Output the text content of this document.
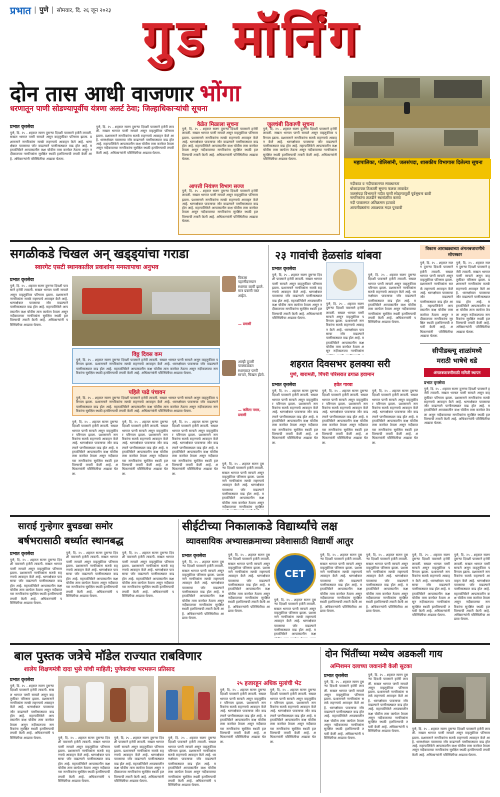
प्रभात | पुणे | सोमवार, दि. २६ जून २०२३ गुड मॉर्निंग
दोन तास आधी वाजणार भोंगा
धरणातून पाणी सोडण्यापूर्वीच यंत्रणा अलर्ट ठेवा; जिल्हाधिकाऱ्यांची सूचना
प्रभात वृत्तसेवा
पुणे, दि. २५ - शहरात सलग दुसऱ्या दिवशी पावसाने हजेरी लावली. सखल भागात पाणी साचले असून वाहतुकीवर परिणाम झाला. प्रशासनाने नागरिकांना सतर्क राहण्याचे आवाहन केले आहे. धरणक्षेत्रात पावसाचा जोर वाढल्याने पाणीसाठ्यात वाढ होत आहे. महापालिकेने आपत्कालीन कक्ष चोवीस तास कार्यरत ठेवला असून नदीकाठच्या नागरिकांना सुरक्षित स्थळी हलविण्याची तयारी केली आहे. अधिकाऱ्यांनी परिस्थितीचा आढावा घेतला.
पुणे, दि. २५ - शहरात सलग दुसऱ्या दिवशी पावसाने हजेरी लावली. सखल भागात पाणी साचले असून वाहतुकीवर परिणाम झाला. प्रशासनाने नागरिकांना सतर्क राहण्याचे आवाहन केले आहे. धरणक्षेत्रात पावसाचा जोर वाढल्याने पाणीसाठ्यात वाढ होत आहे. महापालिकेने आपत्कालीन कक्ष चोवीस तास कार्यरत ठेवला असून नदीकाठच्या नागरिकांना सुरक्षित स्थळी हलविण्याची तयारी केली आहे. अधिकाऱ्यांनी परिस्थितीचा आढावा घेतला.
वेळेत मिळाला सूचना
पुणे, दि. २५ - शहरात सलग दुसऱ्या दिवशी पावसाने हजेरी लावली. सखल भागात पाणी साचले असून वाहतुकीवर परिणाम झाला. प्रशासनाने नागरिकांना सतर्क राहण्याचे आवाहन केले आहे. धरणक्षेत्रात पावसाचा जोर वाढल्याने पाणीसाठ्यात वाढ होत आहे. महापालिकेने आपत्कालीन कक्ष चोवीस तास कार्यरत ठेवला असून नदीकाठच्या नागरिकांना सुरक्षित स्थळी हलविण्याची तयारी केली आहे. अधिकाऱ्यांनी परिस्थितीचा आढावा घेतला.
आपत्ती नियंत्रण विभाग सज्ज
पुणे, दि. २५ - शहरात सलग दुसऱ्या दिवशी पावसाने हजेरी लावली. सखल भागात पाणी साचले असून वाहतुकीवर परिणाम झाला. प्रशासनाने नागरिकांना सतर्क राहण्याचे आवाहन केले आहे. धरणक्षेत्रात पावसाचा जोर वाढल्याने पाणीसाठ्यात वाढ होत आहे. महापालिकेने आपत्कालीन कक्ष चोवीस तास कार्यरत ठेवला असून नदीकाठच्या नागरिकांना सुरक्षित स्थळी हलविण्याची तयारी केली आहे. अधिकाऱ्यांनी परिस्थितीचा आढावा घेतला.
जुलचंबी ठिकाणी सूचना
पुणे, दि. २५ - शहरात सलग दुसऱ्या दिवशी पावसाने हजेरी लावली. सखल भागात पाणी साचले असून वाहतुकीवर परिणाम झाला. प्रशासनाने नागरिकांना सतर्क राहण्याचे आवाहन केले आहे. धरणक्षेत्रात पावसाचा जोर वाढल्याने पाणीसाठ्यात वाढ होत आहे. महापालिकेने आपत्कालीन कक्ष चोवीस तास कार्यरत ठेवला असून नदीकाठच्या नागरिकांना सुरक्षित स्थळी हलविण्याची तयारी केली आहे. अधिकाऱ्यांनी परिस्थितीचा आढावा घेतला.
महापालिका, पोलिसांनी, जलसंपदा, शासकीय विभागास दिलेल्या सूचना
नदीकाठ व नदीपात्रालगत सावधानता
धोकादायक ठिकाणी सूचना फलक लावावेत
जलसंपदा विभागाने नदीत पाणी सोडण्यापूर्वी पूर्वसूचना द्यावी
नागरिकांना तातडीने स्थलांतरित करावे
नदी पात्रालगत अतिक्रमण हटवावे
आपत्तीग्रस्तांना आवश्यक मदत पुरवावी
सगळीकडे चिखल अन् खड्ड्यांचा गराडा
स्वारगेट एसटी स्थानकातील प्रवाशांना मनस्तापाचा अनुभव
प्रभात वृत्तसेवा
पुणे, दि. २५ - शहरात सलग दुसऱ्या दिवशी पावसाने हजेरी लावली. सखल भागात पाणी साचले असून वाहतुकीवर परिणाम झाला. प्रशासनाने नागरिकांना सतर्क राहण्याचे आवाहन केले आहे. धरणक्षेत्रात पावसाचा जोर वाढल्याने पाणीसाठ्यात वाढ होत आहे. महापालिकेने आपत्कालीन कक्ष चोवीस तास कार्यरत ठेवला असून नदीकाठच्या नागरिकांना सुरक्षित स्थळी हलविण्याची तयारी केली आहे. अधिकाऱ्यांनी परिस्थितीचा आढावा घेतला.
विकास पहाणीदरम्यान स्थानक कामी झाले. मात्र प्रवासी त्रस्त आहेत.
— प्रवासी
विठ्ठ दिवस कम
पुणे, दि. २५ - शहरात सलग दुसऱ्या दिवशी पावसाने हजेरी लावली. सखल भागात पाणी साचले असून वाहतुकीवर परिणाम झाला. प्रशासनाने नागरिकांना सतर्क राहण्याचे आवाहन केले आहे. धरणक्षेत्रात पावसाचा जोर वाढल्याने पाणीसाठ्यात वाढ होत आहे. महापालिकेने आपत्कालीन कक्ष चोवीस तास कार्यरत ठेवला असून नदीकाठच्या नागरिकांना सुरक्षित स्थळी हलविण्याची तयारी केली आहे. अधिकाऱ्यांनी परिस्थितीचा आढावा घेतला.
पहिले पाढे पंचावन
पुणे, दि. २५ - शहरात सलग दुसऱ्या दिवशी पावसाने हजेरी लावली. सखल भागात पाणी साचले असून वाहतुकीवर परिणाम झाला. प्रशासनाने नागरिकांना सतर्क राहण्याचे आवाहन केले आहे. धरणक्षेत्रात पावसाचा जोर वाढल्याने पाणीसाठ्यात वाढ होत आहे. महापालिकेने आपत्कालीन कक्ष चोवीस तास कार्यरत ठेवला असून नदीकाठच्या नागरिकांना सुरक्षित स्थळी हलविण्याची तयारी केली आहे. अधिकाऱ्यांनी परिस्थितीचा आढावा घेतला.
पुणे, दि. २५ - शहरात सलग दुसऱ्या दिवशी पावसाने हजेरी लावली. सखल भागात पाणी साचले असून वाहतुकीवर परिणाम झाला. प्रशासनाने नागरिकांना सतर्क राहण्याचे आवाहन केले आहे. धरणक्षेत्रात पावसाचा जोर वाढल्याने पाणीसाठ्यात वाढ होत आहे. महापालिकेने आपत्कालीन कक्ष चोवीस तास कार्यरत ठेवला असून नदीकाठच्या नागरिकांना सुरक्षित स्थळी हलविण्याची तयारी केली आहे. अधिकाऱ्यांनी परिस्थितीचा आढावा घेतला.
पुणे, दि. २५ - शहरात सलग दुसऱ्या दिवशी पावसाने हजेरी लावली. सखल भागात पाणी साचले असून वाहतुकीवर परिणाम झाला. प्रशासनाने नागरिकांना सतर्क राहण्याचे आवाहन केले आहे. धरणक्षेत्रात पावसाचा जोर वाढल्याने पाणीसाठ्यात वाढ होत आहे. महापालिकेने आपत्कालीन कक्ष चोवीस तास कार्यरत ठेवला असून नदीकाठच्या नागरिकांना सुरक्षित स्थळी हलविण्याची तयारी केली आहे. अधिकाऱ्यांनी परिस्थितीचा आढावा घेतला.
पुणे, दि. २५ - शहरात सलग दुसऱ्या दिवशी पावसाने हजेरी लावली. सखल भागात पाणी साचले असून वाहतुकीवर परिणाम झाला. प्रशासनाने नागरिकांना सतर्क राहण्याचे आवाहन केले आहे. धरणक्षेत्रात पावसाचा जोर वाढल्याने पाणीसाठ्यात वाढ होत आहे. महापालिकेने आपत्कालीन कक्ष चोवीस तास कार्यरत ठेवला असून नदीकाठच्या नागरिकांना सुरक्षित स्थळी हलविण्याची तयारी केली आहे. अधिकाऱ्यांनी परिस्थितीचा आढावा घेतला.
आम्ही दुपारी पावसाळ्यात स्थानकात पाणी साचते, चिखल होतो.
— कविता पवार, प्रवासी
पुणे, दि. २५ - शहरात सलग दुसऱ्या दिवशी पावसाने हजेरी लावली. सखल भागात पाणी साचले असून वाहतुकीवर परिणाम झाला. प्रशासनाने नागरिकांना सतर्क राहण्याचे आवाहन केले आहे. धरणक्षेत्रात पावसाचा जोर वाढल्याने पाणीसाठ्यात वाढ होत आहे. महापालिकेने आपत्कालीन कक्ष चोवीस तास कार्यरत ठेवला असून नदीकाठच्या नागरिकांना सुरक्षित
२३ गावांची हेळसांड थांबवा
प्रभात वृत्तसेवा
पुणे, दि. २५ - शहरात सलग दुसऱ्या दिवशी पावसाने हजेरी लावली. सखल भागात पाणी साचले असून वाहतुकीवर परिणाम झाला. प्रशासनाने नागरिकांना सतर्क राहण्याचे आवाहन केले आहे. धरणक्षेत्रात पावसाचा जोर वाढल्याने पाणीसाठ्यात वाढ होत आहे. महापालिकेने आपत्कालीन कक्ष चोवीस तास कार्यरत ठेवला असून नदीकाठच्या नागरिकांना सुरक्षित स्थळी हलविण्याची तयारी केली आहे. अधिकाऱ्यांनी परिस्थितीचा आढावा घेतला.
पुणे, दि. २५ - शहरात सलग दुसऱ्या दिवशी पावसाने हजेरी लावली. सखल भागात पाणी साचले असून वाहतुकीवर परिणाम झाला. प्रशासनाने नागरिकांना सतर्क राहण्याचे आवाहन केले आहे. धरणक्षेत्रात पावसाचा जोर वाढल्याने पाणीसाठ्यात वाढ होत आहे. महापालिकेने आपत्कालीन कक्ष चोवीस तास कार्यरत ठेवला असून नदीकाठच्या नागरिकांना
पुणे, दि. २५ - शहरात सलग दुसऱ्या दिवशी पावसाने हजेरी लावली. सखल भागात पाणी साचले असून वाहतुकीवर परिणाम झाला. प्रशासनाने नागरिकांना सतर्क राहण्याचे आवाहन केले आहे. धरणक्षेत्रात पावसाचा जोर वाढल्याने पाणीसाठ्यात वाढ होत आहे. महापालिकेने आपत्कालीन कक्ष चोवीस तास कार्यरत ठेवला असून नदीकाठच्या नागरिकांना सुरक्षित स्थळी हलविण्याची तयारी केली आहे. अधिकाऱ्यांनी परिस्थितीचा आढावा घेतला.
शहरात दिवसभर हलक्या सरी
पुणे, बारामती, पिंपरी परिसरात ढगाळ हवामान
प्रभात वृत्तसेवा
पुणे, दि. २५ - शहरात सलग दुसऱ्या दिवशी पावसाने हजेरी लावली. सखल भागात पाणी साचले असून वाहतुकीवर परिणाम झाला. प्रशासनाने नागरिकांना सतर्क राहण्याचे आवाहन केले आहे. धरणक्षेत्रात पावसाचा जोर वाढल्याने पाणीसाठ्यात वाढ होत आहे. महापालिकेने आपत्कालीन कक्ष चोवीस तास कार्यरत ठेवला असून नदीकाठच्या नागरिकांना सुरक्षित स्थळी हलविण्याची तयारी केली आहे. अधिकाऱ्यांनी परिस्थितीचा आढावा घेतला.
हवेत गारवा
पुणे, दि. २५ - शहरात सलग दुसऱ्या दिवशी पावसाने हजेरी लावली. सखल भागात पाणी साचले असून वाहतुकीवर परिणाम झाला. प्रशासनाने नागरिकांना सतर्क राहण्याचे आवाहन केले आहे. धरणक्षेत्रात पावसाचा जोर वाढल्याने पाणीसाठ्यात वाढ होत आहे. महापालिकेने आपत्कालीन कक्ष चोवीस तास कार्यरत ठेवला असून नदीकाठच्या नागरिकांना सुरक्षित स्थळी हलविण्याची तयारी केली आहे. अधिकाऱ्यांनी परिस्थितीचा आढावा घेतला.
पुणे, दि. २५ - शहरात सलग दुसऱ्या दिवशी पावसाने हजेरी लावली. सखल भागात पाणी साचले असून वाहतुकीवर परिणाम झाला. प्रशासनाने नागरिकांना सतर्क राहण्याचे आवाहन केले आहे. धरणक्षेत्रात पावसाचा जोर वाढल्याने पाणीसाठ्यात वाढ होत आहे. महापालिकेने आपत्कालीन कक्ष चोवीस तास कार्यरत ठेवला असून नदीकाठच्या नागरिकांना सुरक्षित स्थळी हलविण्याची तयारी केली आहे. अधिकाऱ्यांनी परिस्थितीचा आढावा घेतला.
विकास आराखड्याच्या अंमलबजावणीचे सोपस्कार
पुणे, दि. २५ - शहरात सलग दुसऱ्या दिवशी पावसाने हजेरी लावली. सखल भागात पाणी साचले असून वाहतुकीवर परिणाम झाला. प्रशासनाने नागरिकांना सतर्क राहण्याचे आवाहन केले आहे. धरणक्षेत्रात पावसाचा जोर वाढल्याने पाणीसाठ्यात वाढ होत आहे. महापालिकेने आपत्कालीन कक्ष चोवीस तास कार्यरत ठेवला असून नदीकाठच्या नागरिकांना सुरक्षित स्थळी हलविण्याची तयारी केली आहे. अधिकाऱ्यांनी परिस्थितीचा आढावा घेतला.
पुणे, दि. २५ - शहरात सलग दुसऱ्या दिवशी पावसाने हजेरी लावली. सखल भागात पाणी साचले असून वाहतुकीवर परिणाम झाला. प्रशासनाने नागरिकांना सतर्क राहण्याचे आवाहन केले आहे. धरणक्षेत्रात पावसाचा जोर वाढल्याने पाणीसाठ्यात वाढ होत आहे. महापालिकेने आपत्कालीन कक्ष चोवीस तास कार्यरत ठेवला असून नदीकाठच्या नागरिकांना सुरक्षित स्थळी हलविण्याची तयारी केली आहे. अधिकाऱ्यांनी परिस्थितीचा आढावा घेतला.
सीपीडब्ल्यू शाळांमध्ये
मराठी भाषेचे धडे
अंमलबजावणीसाठी समिती स्थापन
प्रभात वृत्तसेवा
पुणे, दि. २५ - शहरात सलग दुसऱ्या दिवशी पावसाने हजेरी लावली. सखल भागात पाणी साचले असून वाहतुकीवर परिणाम झाला. प्रशासनाने नागरिकांना सतर्क राहण्याचे आवाहन केले आहे. धरणक्षेत्रात पावसाचा जोर वाढल्याने पाणीसाठ्यात वाढ होत आहे. महापालिकेने आपत्कालीन कक्ष चोवीस तास कार्यरत ठेवला असून नदीकाठच्या नागरिकांना सुरक्षित स्थळी हलविण्याची तयारी केली आहे. अधिकाऱ्यांनी परिस्थितीचा आढावा घेतला.
साराई गुन्हेगार बुचडखा समोर
बर्षभरासाठी बर्ध्यात स्थानबद्ध
प्रभात वृत्तसेवा
पुणे, दि. २५ - शहरात सलग दुसऱ्या दिवशी पावसाने हजेरी लावली. सखल भागात पाणी साचले असून वाहतुकीवर परिणाम झाला. प्रशासनाने नागरिकांना सतर्क राहण्याचे आवाहन केले आहे. धरणक्षेत्रात पावसाचा जोर वाढल्याने पाणीसाठ्यात वाढ होत आहे. महापालिकेने आपत्कालीन कक्ष चोवीस तास कार्यरत ठेवला असून नदीकाठच्या नागरिकांना सुरक्षित स्थळी हलविण्याची तयारी केली आहे. अधिकाऱ्यांनी परिस्थितीचा आढावा घेतला.
पुणे, दि. २५ - शहरात सलग दुसऱ्या दिवशी पावसाने हजेरी लावली. सखल भागात पाणी साचले असून वाहतुकीवर परिणाम झाला. प्रशासनाने नागरिकांना सतर्क राहण्याचे आवाहन केले आहे. धरणक्षेत्रात पावसाचा जोर वाढल्याने पाणीसाठ्यात वाढ होत आहे. महापालिकेने आपत्कालीन कक्ष चोवीस तास कार्यरत ठेवला असून नदीकाठच्या नागरिकांना सुरक्षित स्थळी हलविण्याची तयारी केली आहे. अधिकाऱ्यांनी परिस्थितीचा आढावा घेतला.
पुणे, दि. २५ - शहरात सलग दुसऱ्या दिवशी पावसाने हजेरी लावली. सखल भागात पाणी साचले असून वाहतुकीवर परिणाम झाला. प्रशासनाने नागरिकांना सतर्क राहण्याचे आवाहन केले आहे. धरणक्षेत्रात पावसाचा जोर वाढल्याने पाणीसाठ्यात वाढ होत आहे. महापालिकेने आपत्कालीन कक्ष चोवीस तास कार्यरत ठेवला असून नदीकाठच्या नागरिकांना सुरक्षित स्थळी हलविण्याची तयारी केली आहे. अधिकाऱ्यांनी परिस्थितीचा आढावा घेतला.
सीईटीच्या निकालाकडे विद्यार्थ्यांचे लक्ष
व्यावसायिक अभ्यासक्रमाच्या प्रवेशासाठी विद्यार्थी आतुर
प्रभात वृत्तसेवा
पुणे, दि. २५ - शहरात सलग दुसऱ्या दिवशी पावसाने हजेरी लावली. सखल भागात पाणी साचले असून वाहतुकीवर परिणाम झाला. प्रशासनाने नागरिकांना सतर्क राहण्याचे आवाहन केले आहे. धरणक्षेत्रात पावसाचा जोर वाढल्याने पाणीसाठ्यात वाढ होत आहे. महापालिकेने आपत्कालीन कक्ष चोवीस तास कार्यरत ठेवला असून नदीकाठच्या नागरिकांना सुरक्षित स्थळी हलविण्याची तयारी केली आहे. अधिकाऱ्यांनी परिस्थितीचा आढावा घेतला.
पुणे, दि. २५ - शहरात सलग दुसऱ्या दिवशी पावसाने हजेरी लावली. सखल भागात पाणी साचले असून वाहतुकीवर परिणाम झाला. प्रशासनाने नागरिकांना सतर्क राहण्याचे आवाहन केले आहे. धरणक्षेत्रात पावसाचा जोर वाढल्याने पाणीसाठ्यात वाढ होत आहे. महापालिकेने आपत्कालीन कक्ष चोवीस तास कार्यरत ठेवला असून नदीकाठच्या नागरिकांना सुरक्षित स्थळी हलविण्याची तयारी केली आहे. अधिकाऱ्यांनी परिस्थितीचा आढावा घेतला.
CET
पुणे, दि. २५ - शहरात सलग दुसऱ्या दिवशी पावसाने हजेरी लावली. सखल भागात पाणी साचले असून वाहतुकीवर परिणाम झाला. प्रशासनाने नागरिकांना सतर्क राहण्याचे आवाहन केले आहे. धरणक्षेत्रात पावसाचा जोर वाढल्याने पाणीसाठ्यात वाढ होत आहे. महापालिकेने आपत्कालीन कक्ष
पुणे, दि. २५ - शहरात सलग दुसऱ्या दिवशी पावसाने हजेरी लावली. सखल भागात पाणी साचले असून वाहतुकीवर परिणाम झाला. प्रशासनाने नागरिकांना सतर्क राहण्याचे आवाहन केले आहे. धरणक्षेत्रात पावसाचा जोर वाढल्याने पाणीसाठ्यात वाढ होत आहे. महापालिकेने आपत्कालीन कक्ष चोवीस तास कार्यरत ठेवला असून नदीकाठच्या नागरिकांना सुरक्षित स्थळी हलविण्याची तयारी केली आहे. अधिकाऱ्यांनी परिस्थितीचा आढावा घेतला.
पुणे, दि. २५ - शहरात सलग दुसऱ्या दिवशी पावसाने हजेरी लावली. सखल भागात पाणी साचले असून वाहतुकीवर परिणाम झाला. प्रशासनाने नागरिकांना सतर्क राहण्याचे आवाहन केले आहे. धरणक्षेत्रात पावसाचा जोर वाढल्याने पाणीसाठ्यात वाढ होत आहे. महापालिकेने आपत्कालीन कक्ष चोवीस तास कार्यरत ठेवला असून नदीकाठच्या नागरिकांना सुरक्षित स्थळी हलविण्याची तयारी केली आहे. अधिकाऱ्यांनी परिस्थितीचा आढावा घेतला.
पुणे, दि. २५ - शहरात सलग दुसऱ्या दिवशी पावसाने हजेरी लावली. सखल भागात पाणी साचले असून वाहतुकीवर परिणाम झाला. प्रशासनाने नागरिकांना सतर्क राहण्याचे आवाहन केले आहे. धरणक्षेत्रात पावसाचा जोर वाढल्याने पाणीसाठ्यात वाढ होत आहे. महापालिकेने आपत्कालीन कक्ष चोवीस तास कार्यरत ठेवला असून नदीकाठच्या नागरिकांना सुरक्षित स्थळी हलविण्याची तयारी केली आहे. अधिकाऱ्यांनी परिस्थितीचा आढावा घेतला.
पुणे, दि. २५ - शहरात सलग दुसऱ्या दिवशी पावसाने हजेरी लावली. सखल भागात पाणी साचले असून वाहतुकीवर परिणाम झाला. प्रशासनाने नागरिकांना सतर्क राहण्याचे आवाहन केले आहे. धरणक्षेत्रात पावसाचा जोर वाढल्याने पाणीसाठ्यात वाढ होत आहे. महापालिकेने आपत्कालीन कक्ष चोवीस तास कार्यरत ठेवला असून नदीकाठच्या नागरिकांना सुरक्षित स्थळी हलविण्याची तयारी केली आहे. अधिकाऱ्यांनी परिस्थितीचा आढावा घेतला.
बाल पुस्तक जत्रेचे मॉडेल राज्यात राबविणार
शालेय शिक्षणमंत्री दादा भुसे यांची माहिती; पुणेकरांचा भरभरून प्रतिसाद
प्रभात वृत्तसेवा
पुणे, दि. २५ - शहरात सलग दुसऱ्या दिवशी पावसाने हजेरी लावली. सखल भागात पाणी साचले असून वाहतुकीवर परिणाम झाला. प्रशासनाने नागरिकांना सतर्क राहण्याचे आवाहन केले आहे. धरणक्षेत्रात पावसाचा जोर वाढल्याने पाणीसाठ्यात वाढ होत आहे. महापालिकेने आपत्कालीन कक्ष चोवीस तास कार्यरत ठेवला असून नदीकाठच्या नागरिकांना सुरक्षित स्थळी हलविण्याची तयारी केली आहे. अधिकाऱ्यांनी परिस्थितीचा आढावा घेतला.	पुणे, दि. २५ - शहरात सलग दुसऱ्या दिवशी पावसाने हजेरी लावली. सखल भागात पाणी साचले असून वाहतुकीवर परिणाम झाला. प्रशासनाने नागरिकांना सतर्क राहण्याचे आवाहन केले आहे. धरणक्षेत्रात पावसाचा जोर वाढल्याने पाणीसाठ्यात वाढ होत आहे. महापालिकेने आपत्कालीन कक्ष चोवीस तास कार्यरत ठेवला असून नदीकाठच्या नागरिकांना सुरक्षित स्थळी हलविण्याची तयारी केली आहे. अधिकाऱ्यांनी परिस्थितीचा आढावा घेतला.
पुणे, दि. २५ - शहरात सलग दुसऱ्या दिवशी पावसाने हजेरी लावली. सखल भागात पाणी साचले असून वाहतुकीवर परिणाम झाला. प्रशासनाने नागरिकांना सतर्क राहण्याचे आवाहन केले आहे. धरणक्षेत्रात पावसाचा जोर वाढल्याने पाणीसाठ्यात वाढ होत आहे. महापालिकेने आपत्कालीन कक्ष चोवीस तास कार्यरत ठेवला असून नदीकाठच्या नागरिकांना सुरक्षित स्थळी हलविण्याची तयारी केली आहे. अधिकाऱ्यांनी परिस्थितीचा आढावा घेतला.
पुणे, दि. २५ - शहरात सलग दुसऱ्या दिवशी पावसाने हजेरी लावली. सखल भागात पाणी साचले असून वाहतुकीवर परिणाम झाला. प्रशासनाने नागरिकांना सतर्क राहण्याचे आवाहन केले आहे. धरणक्षेत्रात पावसाचा जोर वाढल्याने पाणीसाठ्यात वाढ होत आहे. महापालिकेने आपत्कालीन कक्ष चोवीस तास कार्यरत ठेवला असून नदीकाठच्या नागरिकांना सुरक्षित स्थळी हलविण्याची तयारी केली आहे. अधिकाऱ्यांनी परिस्थितीचा आढावा घेतला.
२५ हजारहून अधिक मुलांची भेट
पुणे, दि. २५ - शहरात सलग दुसऱ्या दिवशी पावसाने हजेरी लावली. सखल भागात पाणी साचले असून वाहतुकीवर परिणाम झाला. प्रशासनाने नागरिकांना सतर्क राहण्याचे आवाहन केले आहे. धरणक्षेत्रात पावसाचा जोर वाढल्याने पाणीसाठ्यात वाढ होत आहे. महापालिकेने आपत्कालीन कक्ष चोवीस तास कार्यरत ठेवला असून नदीकाठच्या नागरिकांना सुरक्षित स्थळी हलविण्याची तयारी केली आहे. अधिकाऱ्यांनी परिस्थितीचा आढावा घेतला.
पुणे, दि. २५ - शहरात सलग दुसऱ्या दिवशी पावसाने हजेरी लावली. सखल भागात पाणी साचले असून वाहतुकीवर परिणाम झाला. प्रशासनाने नागरिकांना सतर्क राहण्याचे आवाहन केले आहे. धरणक्षेत्रात पावसाचा जोर वाढल्याने पाणीसाठ्यात वाढ होत आहे. महापालिकेने आपत्कालीन कक्ष चोवीस तास कार्यरत ठेवला असून नदीकाठच्या नागरिकांना सुरक्षित स्थळी हलविण्याची तयारी केली आहे. अधिकाऱ्यांनी परिस्थितीचा आढावा घेतला.
दोन भिंतींच्या मध्येच अडकली गाय
अग्निशमन दलाच्या जवानांनी केली सुटका
प्रभात वृत्तसेवा
पुणे, दि. २५ - शहरात सलग दुसऱ्या दिवशी पावसाने हजेरी लावली. सखल भागात पाणी साचले असून वाहतुकीवर परिणाम झाला. प्रशासनाने नागरिकांना सतर्क राहण्याचे आवाहन केले आहे. धरणक्षेत्रात पावसाचा जोर वाढल्याने पाणीसाठ्यात वाढ होत आहे. महापालिकेने आपत्कालीन कक्ष चोवीस तास कार्यरत ठेवला असून नदीकाठच्या नागरिकांना सुरक्षित स्थळी हलविण्याची तयारी केली आहे. अधिकाऱ्यांनी परिस्थितीचा आढावा घेतला.
पुणे, दि. २५ - शहरात सलग दुसऱ्या दिवशी पावसाने हजेरी लावली. सखल भागात पाणी साचले असून वाहतुकीवर परिणाम झाला. प्रशासनाने नागरिकांना सतर्क राहण्याचे आवाहन केले आहे. धरणक्षेत्रात पावसाचा जोर वाढल्याने पाणीसाठ्यात वाढ होत आहे. महापालिकेने आपत्कालीन कक्ष चोवीस तास कार्यरत ठेवला असून नदीकाठच्या नागरिकांना सुरक्षित स्थळी हलविण्याची तयारी केली आहे. अधिकाऱ्यांनी परिस्थितीचा आढावा घेतला.	पुणे, दि. २५ - शहरात सलग दुसऱ्या दिवशी पावसाने हजेरी लावली. सखल भागात पाणी साचले असून वाहतुकीवर परिणाम झाला. प्रशासनाने नागरिकांना सतर्क राहण्याचे आवाहन केले आहे. धरणक्षेत्रात पावसाचा जोर वाढल्याने पाणीसाठ्यात वाढ होत आहे. महापालिकेने आपत्कालीन कक्ष चोवीस तास कार्यरत ठेवला असून नदीकाठच्या नागरिकांना सुरक्षित स्थळी हलविण्याची तयारी केली आहे. अधिकाऱ्यांनी परिस्थितीचा आढावा घेतला.
